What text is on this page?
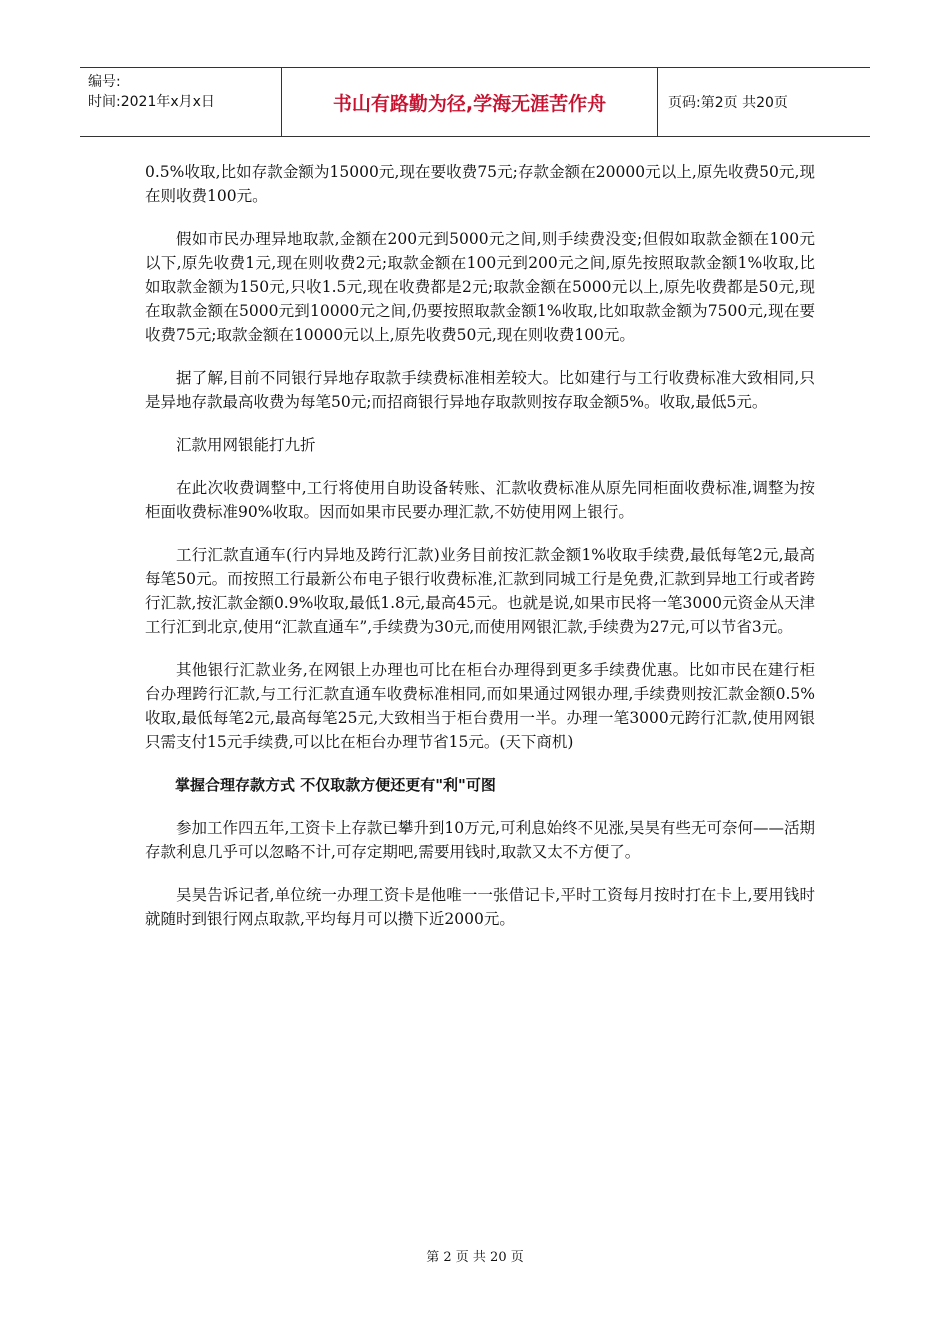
编号:
时间:2021年x月x日	书山有路勤为径,学海无涯苦作舟	页码:第2页 共20页

0.5%收取,比如存款金额为15000元,现在要收费75元;存款金额在20000元以上,原先收费50元,现在则收费100元。

假如市民办理异地取款,金额在200元到5000元之间,则手续费没变;但假如取款金额在100元以下,原先收费1元,现在则收费2元;取款金额在100元到200元之间,原先按照取款金额1%收取,比如取款金额为150元,只收1.5元,现在收费都是2元;取款金额在5000元以上,原先收费都是50元,现在取款金额在5000元到10000元之间,仍要按照取款金额1%收取,比如取款金额为7500元,现在要收费75元;取款金额在10000元以上,原先收费50元,现在则收费100元。

据了解,目前不同银行异地存取款手续费标准相差较大。比如建行与工行收费标准大致相同,只是异地存款最高收费为每笔50元;而招商银行异地存取款则按存取金额5%。收取,最低5元。

汇款用网银能打九折

在此次收费调整中,工行将使用自助设备转账、汇款收费标准从原先同柜面收费标准,调整为按柜面收费标准90%收取。因而如果市民要办理汇款,不妨使用网上银行。

工行汇款直通车(行内异地及跨行汇款)业务目前按汇款金额1%收取手续费,最低每笔2元,最高每笔50元。而按照工行最新公布电子银行收费标准,汇款到同城工行是免费,汇款到异地工行或者跨行汇款,按汇款金额0.9%收取,最低1.8元,最高45元。也就是说,如果市民将一笔3000元资金从天津工行汇到北京,使用“汇款直通车”,手续费为30元,而使用网银汇款,手续费为27元,可以节省3元。

其他银行汇款业务,在网银上办理也可比在柜台办理得到更多手续费优惠。比如市民在建行柜台办理跨行汇款,与工行汇款直通车收费标准相同,而如果通过网银办理,手续费则按汇款金额0.5%收取,最低每笔2元,最高每笔25元,大致相当于柜台费用一半。办理一笔3000元跨行汇款,使用网银只需支付15元手续费,可以比在柜台办理节省15元。(天下商机)

掌握合理存款方式 不仅取款方便还更有"利"可图

参加工作四五年,工资卡上存款已攀升到10万元,可利息始终不见涨,吴昊有些无可奈何——活期存款利息几乎可以忽略不计,可存定期吧,需要用钱时,取款又太不方便了。

吴昊告诉记者,单位统一办理工资卡是他唯一一张借记卡,平时工资每月按时打在卡上,要用钱时就随时到银行网点取款,平均每月可以攒下近2000元。

第 2 页 共 20 页
